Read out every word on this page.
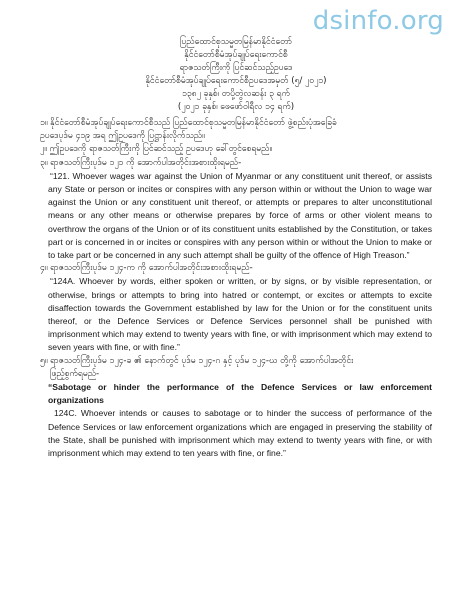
dsinfo.org
ပြည်ထောင်စုသမ္မတမြန်မာနိုင်ငံတော်
နိုင်ငံတော်စီမံအုပ်ချုပ်ရေးကောင်စီ
ရာဇသတ်ကြီးကို ပြင်ဆင်သည့်ဥပဒေ
နိုင်ငံတော်စီမံအုပ်ချုပ်ရေးကောင်စီဥပဒေအမှတ် (၅/ ၂၀၂၁)
၁၃၈၂ ခုနှစ်၊ တပို့တွဲလဆန်း ၃ ရက်
(၂၀၂၁ ခုနှစ်၊ ဖေဖော်ဝါရီလ ၁၄ ရက်)
၁။ နိုင်ငံတော်စီမံအုပ်ချုပ်ရေးကောင်စီသည် ပြည်ထောင်စုသမ္မတမြန်မာနိုင်ငံတော် ဖွဲ့စည်းပုံအခြေခံ
ဥပဒေပုဒ်မ ၄၁၉ အရ ဤဥပဒေကို ပြဋ္ဌာန်းလိုက်သည်။
၂။ ဤဥပဒေကို ရာဇသတ်ကြီးကို ပြင်ဆင်သည့် ဥပဒေဟု ခေါ်တွင်စေရမည်။
၃။ ရာဇသတ်ကြီးပုဒ်မ ၁၂၁ ကို အောက်ပါအတိုင်းအစားထိုးရမည်-

“121. Whoever wages war against the Union of Myanmar or any constituent unit thereof, or assists any State or person or incites or conspires with any person within or without the Union to wage war against the Union or any constituent unit thereof, or attempts or prepares to alter unconstitutional means or any other means or otherwise prepares by force of arms or other violent means to overthrow the organs of the Union or of its constituent units established by the Constitution, or takes part or is concerned in or incites or conspires with any person within or without the Union to make or to take part or be concerned in any such attempt shall be guilty of the offence of High Treason.”

၄။ ရာဇသတ်ကြီးပုဒ်မ ၁၂၄-က ကို အောက်ပါအတိုင်းအစားထိုးရမည်-

“124A. Whoever by words, either spoken or written, or by signs, or by visible representation, or otherwise, brings or attempts to bring into hatred or contempt, or excites or attempts to excite disaffection towards the Government established by law for the Union or for the constituent units thereof, or the Defence Services or Defence Services personnel shall be punished with imprisonment which may extend to twenty years with fine, or with imprisonment which may extend to seven years with fine, or with fine.”

၅။ ရာဇသတ်ကြီးပုဒ်မ ၁၂၄-ခ ၏ နောက်တွင် ပုဒ်မ ၁၂၄-ဂ နှင့် ပုဒ်မ ၁၂၄-ဃ တို့ကို အောက်ပါအတိုင်း
ဖြည့်စွက်ရမည်-

“Sabotage or hinder the performance of the Defence Services or law enforcement organizations

124C. Whoever intends or causes to sabotage or to hinder the success of performance of the Defence Services or law enforcement organizations which are engaged in preserving the stability of the State, shall be punished with imprisonment which may extend to twenty years with fine, or with imprisonment which may extend to ten years with fine, or fine.”
